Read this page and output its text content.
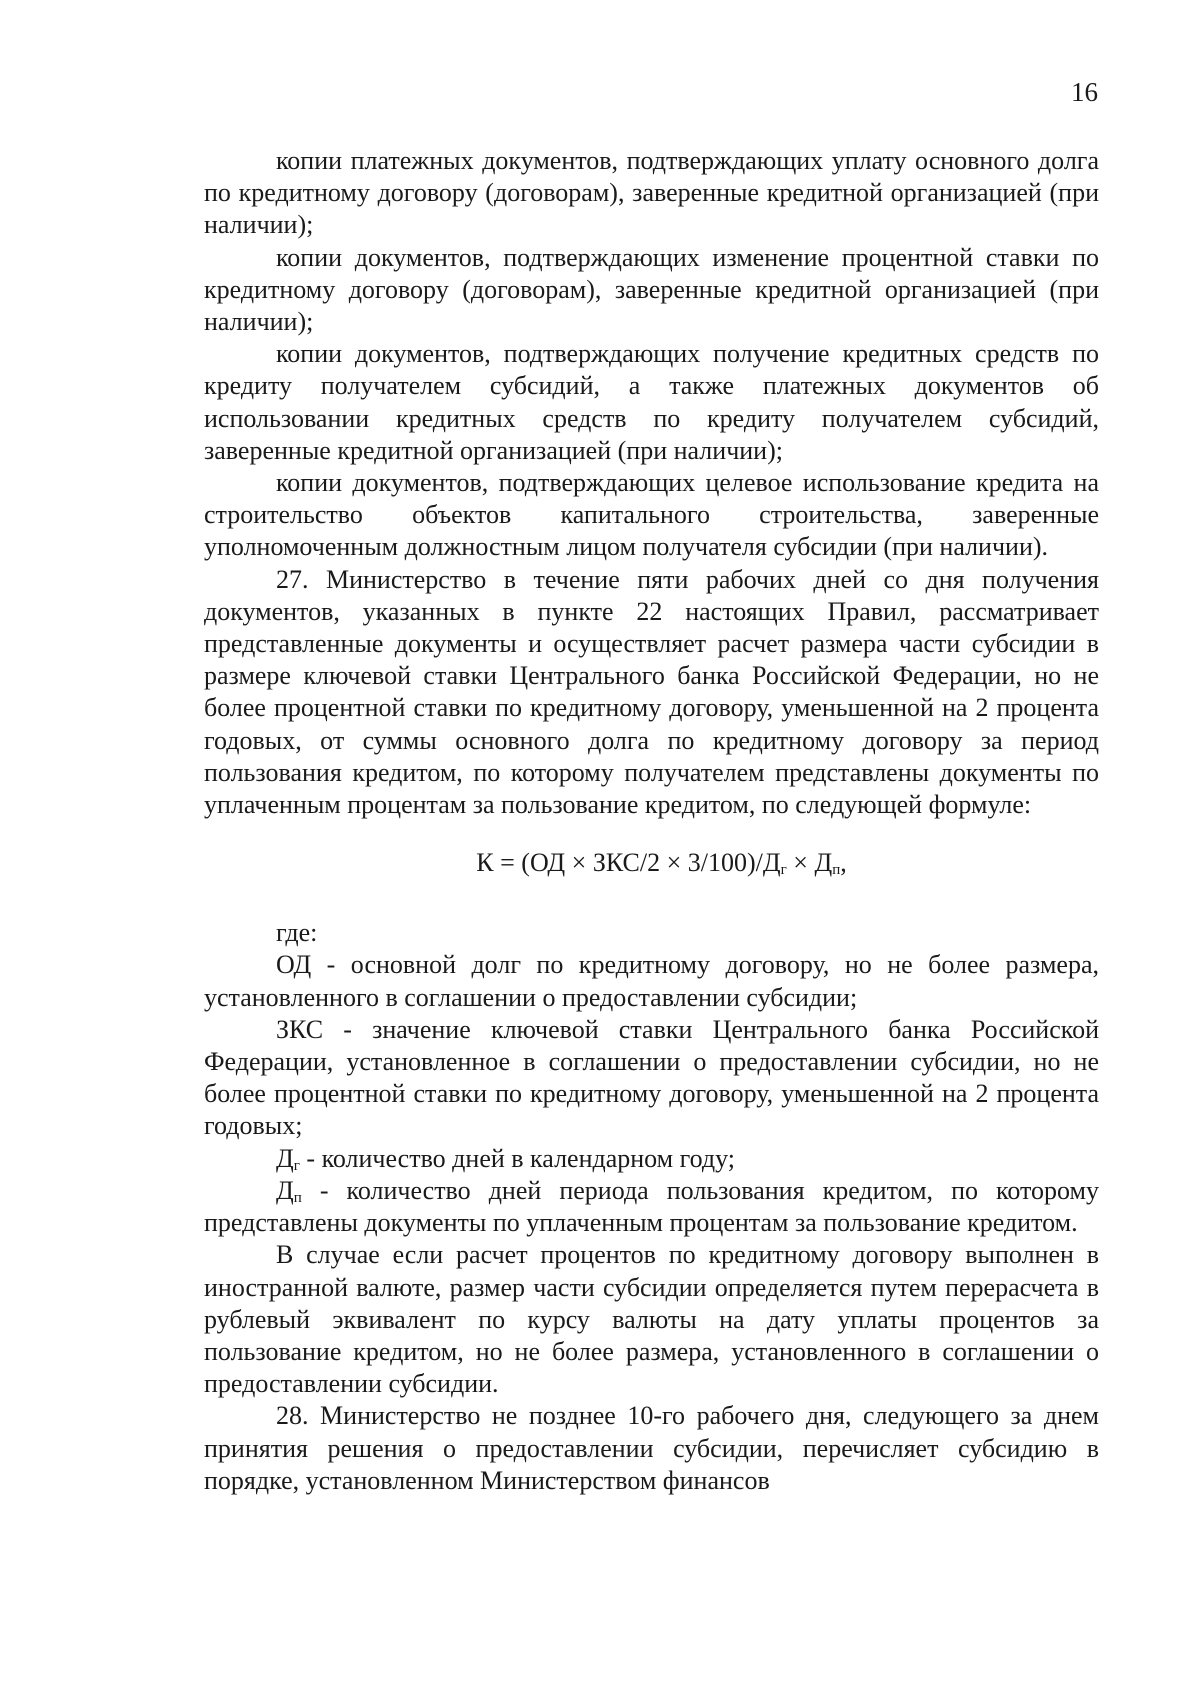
16

копии платежных документов, подтверждающих уплату основного долга по кредитному договору (договорам), заверенные кредитной организацией (при наличии);

копии документов, подтверждающих изменение процентной ставки по кредитному договору (договорам), заверенные кредитной организацией (при наличии);

копии документов, подтверждающих получение кредитных средств по кредиту получателем субсидий, а также платежных документов об использовании кредитных средств по кредиту получателем субсидий, заверенные кредитной организацией (при наличии);

копии документов, подтверждающих целевое использование кредита на строительство объектов капитального строительства, заверенные уполномоченным должностным лицом получателя субсидии (при наличии).

27. Министерство в течение пяти рабочих дней со дня получения документов, указанных в пункте 22 настоящих Правил, рассматривает представленные документы и осуществляет расчет размера части субсидии в размере ключевой ставки Центрального банка Российской Федерации, но не более процентной ставки по кредитному договору, уменьшенной на 2 процента годовых, от суммы основного долга по кредитному договору за период пользования кредитом, по которому получателем представлены документы по уплаченным процентам за пользование кредитом, по следующей формуле:

$К = (ОД \times ЗКС/2 \times 3/100)/Д_г \times Д_п$,

где:

ОД - основной долг по кредитному договору, но не более размера, установленного в соглашении о предоставлении субсидии;

ЗКС - значение ключевой ставки Центрального банка Российской Федерации, установленное в соглашении о предоставлении субсидии, но не более процентной ставки по кредитному договору, уменьшенной на 2 процента годовых;

$Д_г$ - количество дней в календарном году;

$Д_п$ - количество дней периода пользования кредитом, по которому представлены документы по уплаченным процентам за пользование кредитом.

В случае если расчет процентов по кредитному договору выполнен в иностранной валюте, размер части субсидии определяется путем перерасчета в рублевый эквивалент по курсу валюты на дату уплаты процентов за пользование кредитом, но не более размера, установленного в соглашении о предоставлении субсидии.

28. Министерство не позднее 10-го рабочего дня, следующего за днем принятия решения о предоставлении субсидии, перечисляет субсидию в порядке, установленном Министерством финансов
